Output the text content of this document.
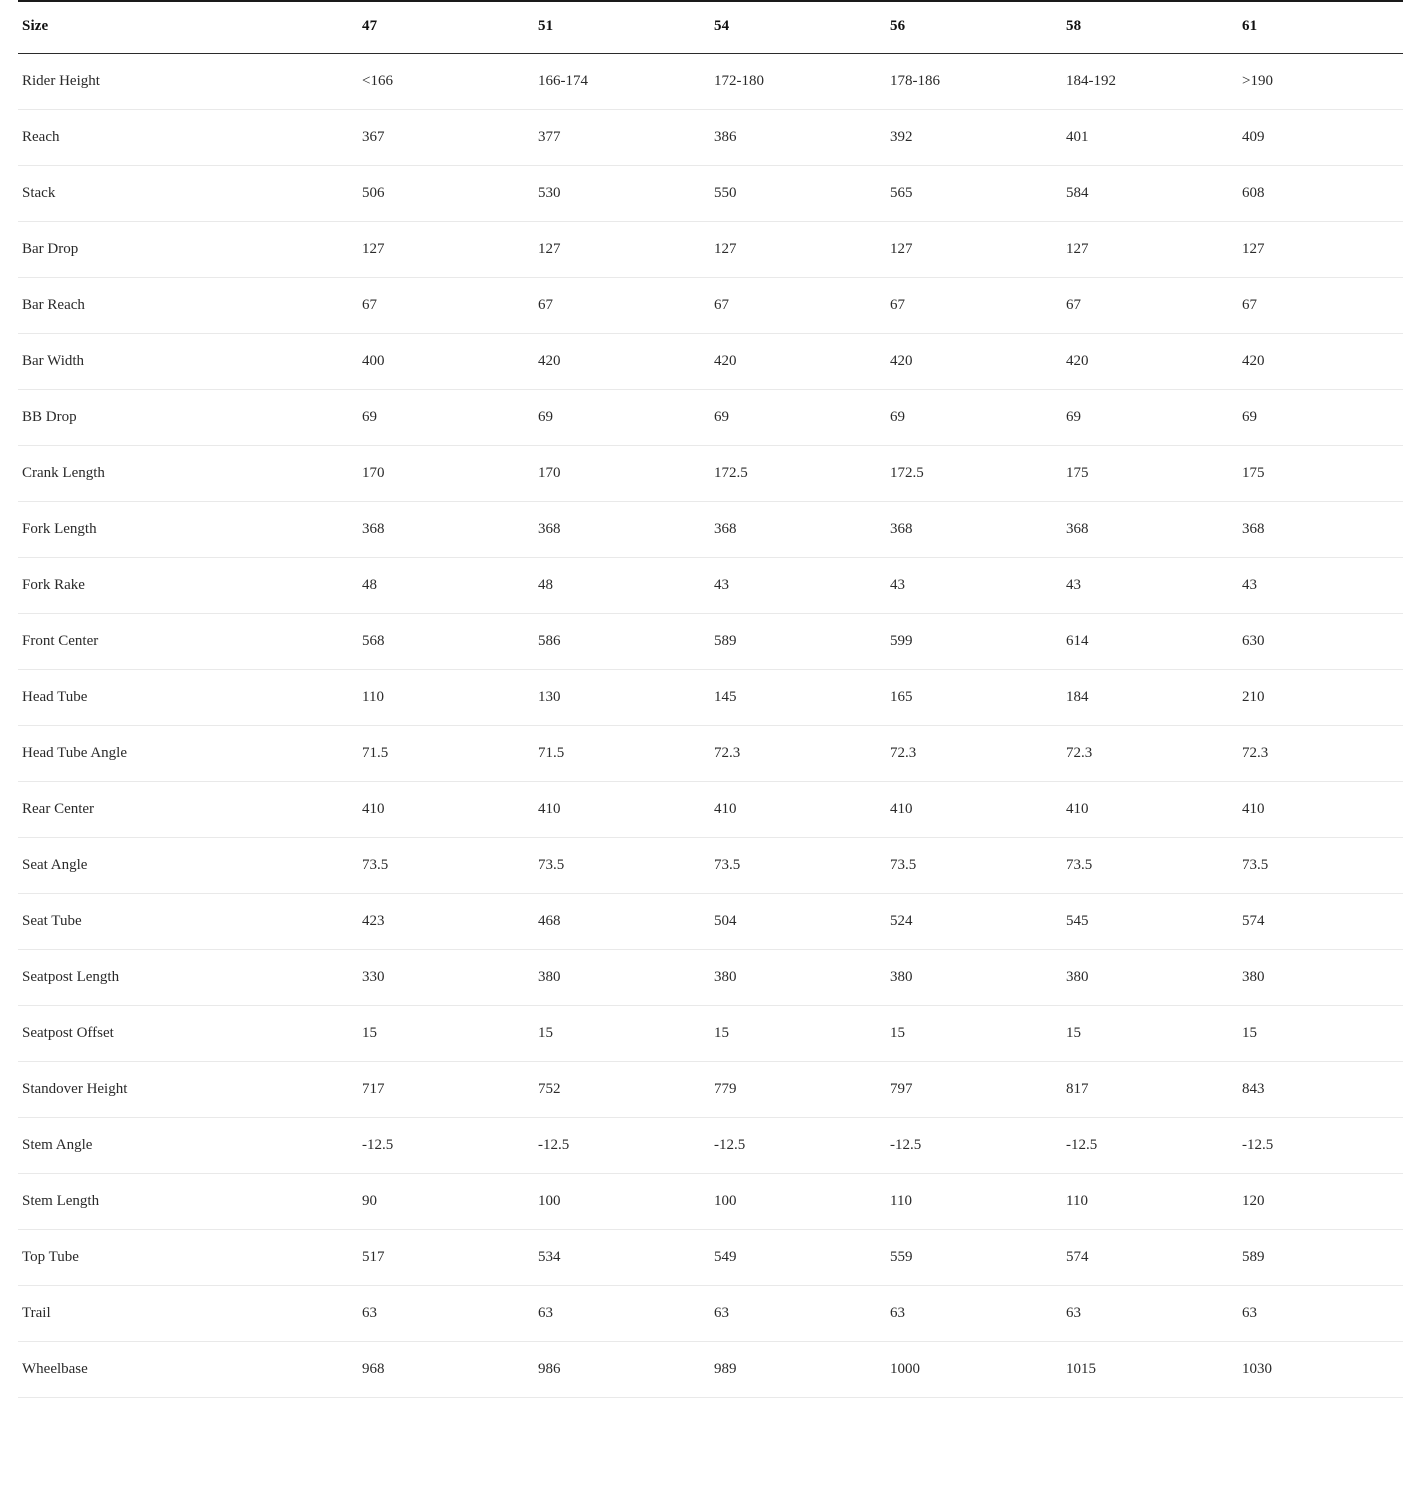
Size	47	51	54	56	58	61
Rider Height	<166	166-174	172-180	178-186	184-192	>190
Reach	367	377	386	392	401	409
Stack	506	530	550	565	584	608
Bar Drop	127	127	127	127	127	127
Bar Reach	67	67	67	67	67	67
Bar Width	400	420	420	420	420	420
BB Drop	69	69	69	69	69	69
Crank Length	170	170	172.5	172.5	175	175
Fork Length	368	368	368	368	368	368
Fork Rake	48	48	43	43	43	43
Front Center	568	586	589	599	614	630
Head Tube	110	130	145	165	184	210
Head Tube Angle	71.5	71.5	72.3	72.3	72.3	72.3
Rear Center	410	410	410	410	410	410
Seat Angle	73.5	73.5	73.5	73.5	73.5	73.5
Seat Tube	423	468	504	524	545	574
Seatpost Length	330	380	380	380	380	380
Seatpost Offset	15	15	15	15	15	15
Standover Height	717	752	779	797	817	843
Stem Angle	-12.5	-12.5	-12.5	-12.5	-12.5	-12.5
Stem Length	90	100	100	110	110	120
Top Tube	517	534	549	559	574	589
Trail	63	63	63	63	63	63
Wheelbase	968	986	989	1000	1015	1030
